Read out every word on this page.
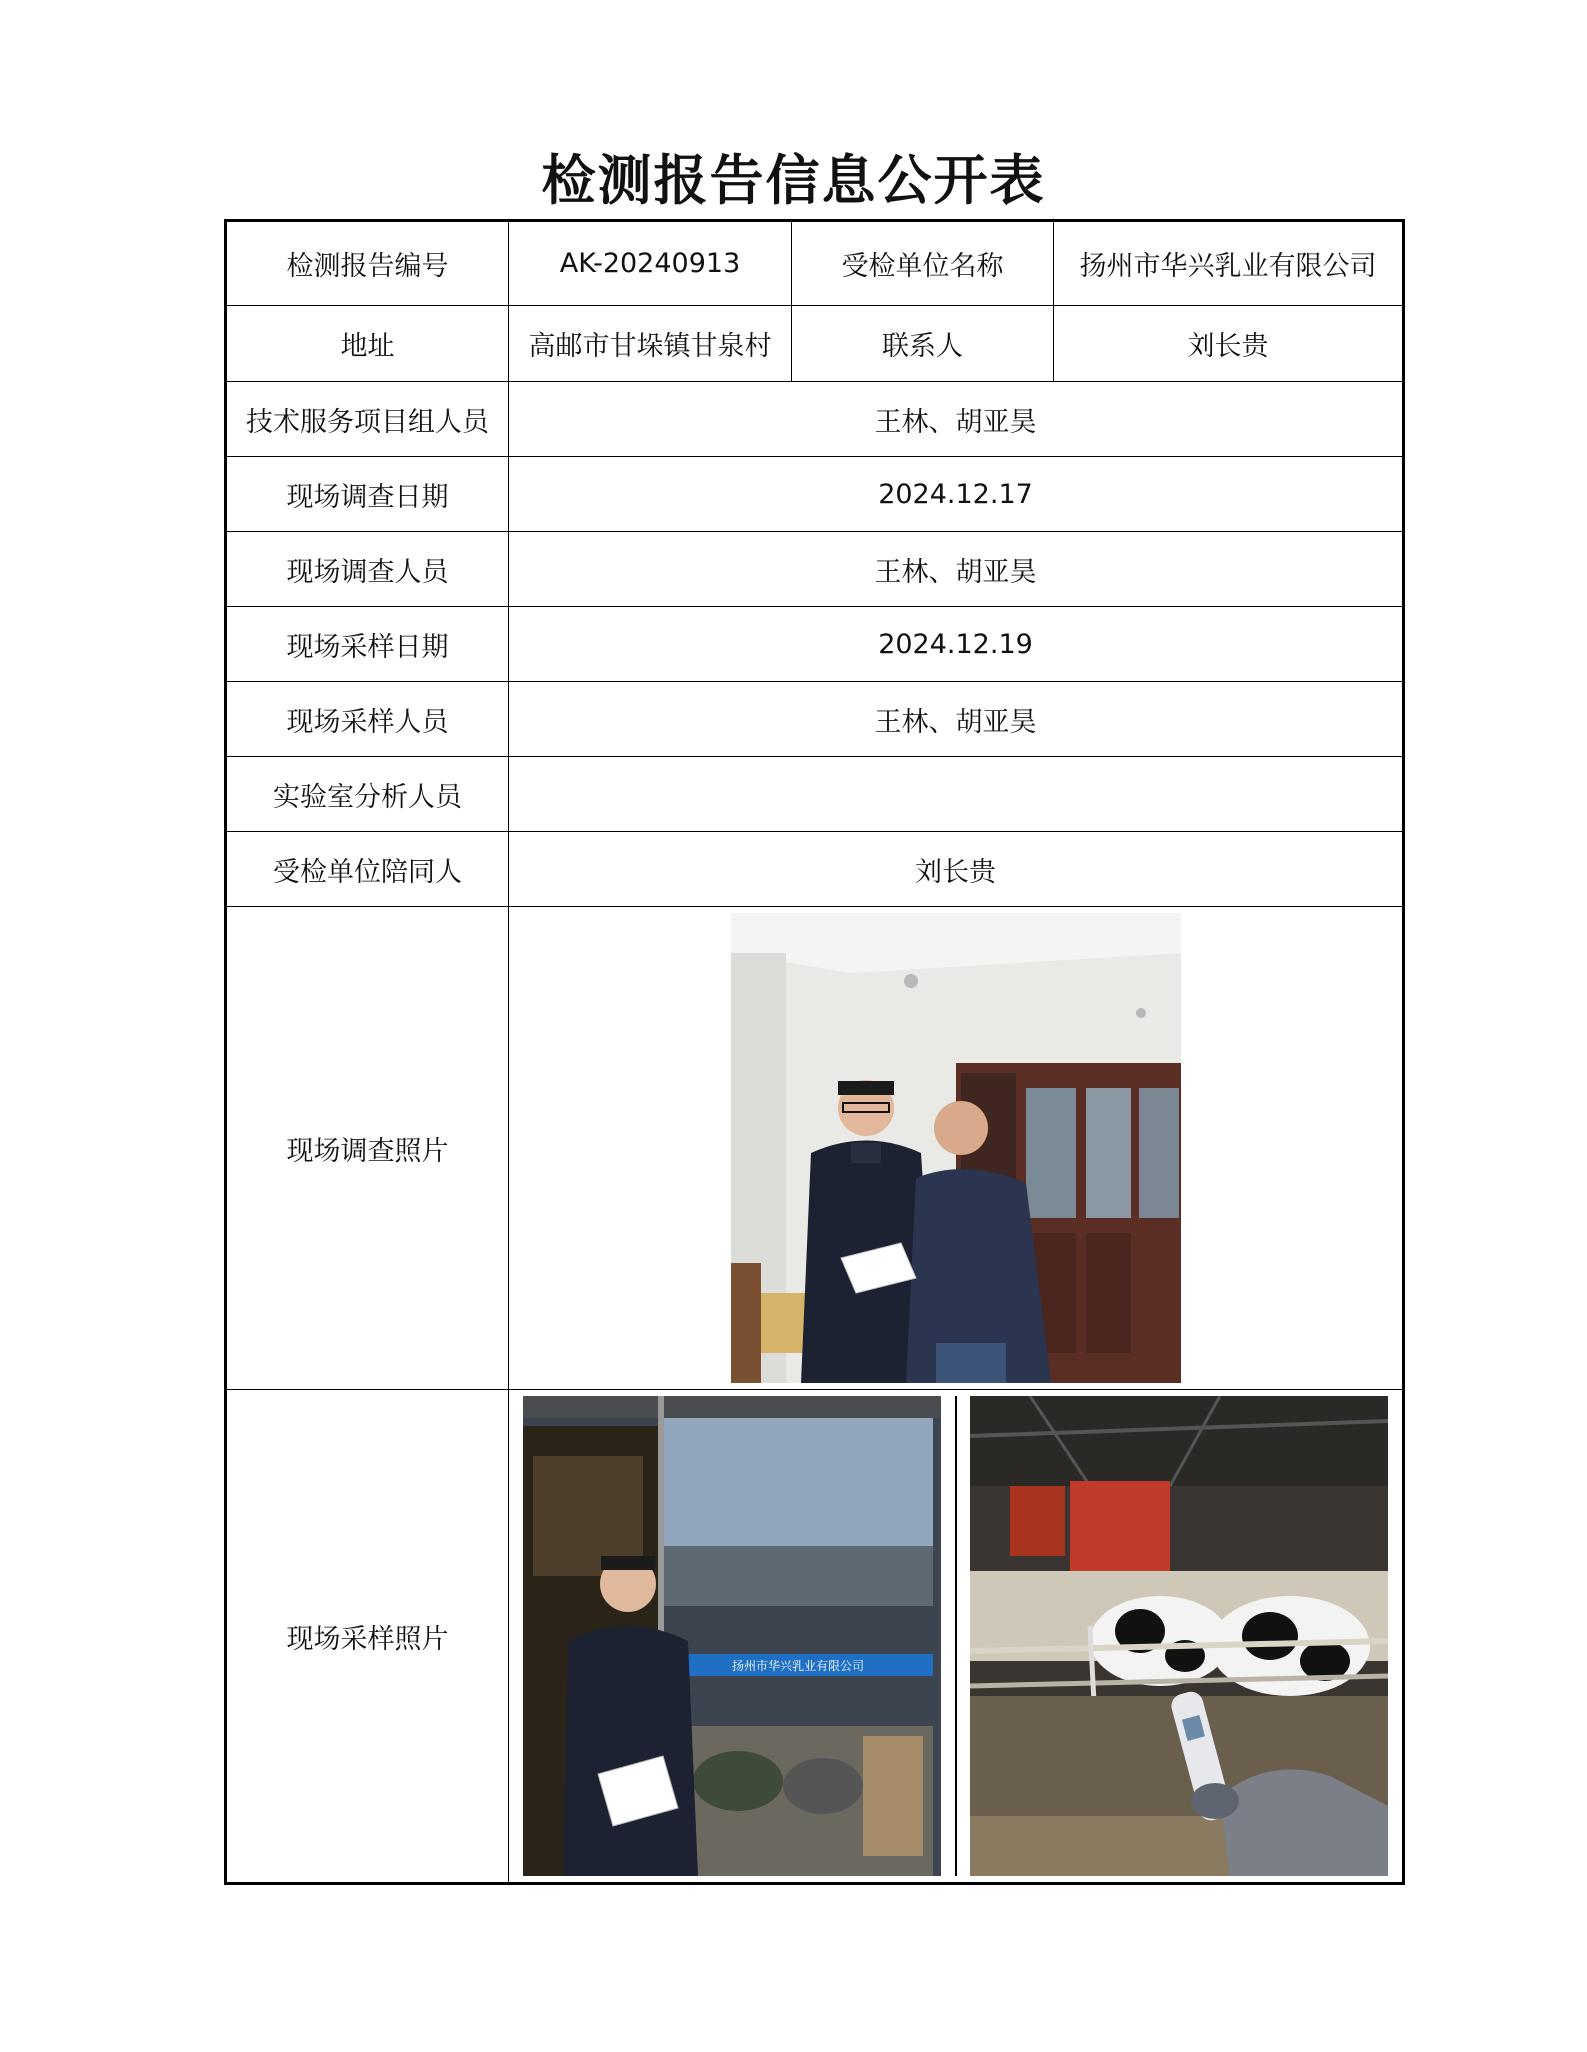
检测报告信息公开表
检测报告编号	AK-20240913	受检单位名称	扬州市华兴乳业有限公司
地址	高邮市甘垛镇甘泉村	联系人	刘长贵
技术服务项目组人员	王林、胡亚昊		
现场调查日期	2024.12.17		
现场调查人员	王林、胡亚昊		
现场采样日期	2024.12.19		
现场采样人员	王林、胡亚昊		
实验室分析人员			
受检单位陪同人	刘长贵		
现场调查照片	

现场采样照片	扬州市华兴乳业有限公司		
